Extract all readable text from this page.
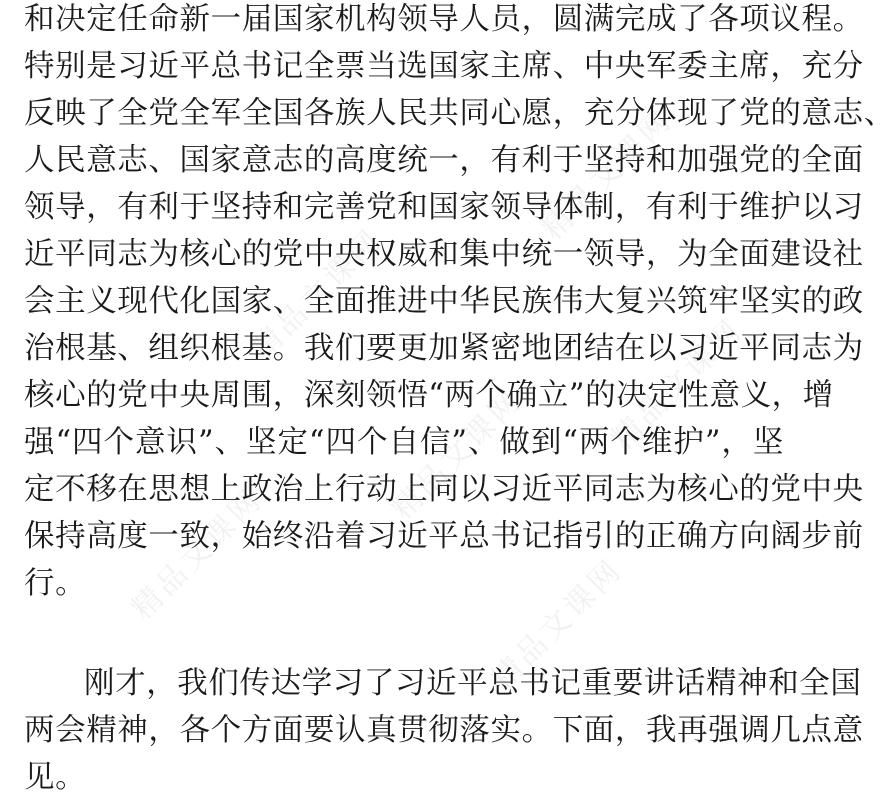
精品文课网
精品文课网
精品文课网
精品文课网
精品文课网
精品文课网
和决定任命新一届国家机构领导人员，圆满完成了各项议程。
特别是习近平总书记全票当选国家主席、中央军委主席，充分
反映了全党全军全国各族人民共同心愿，充分体现了党的意志、
人民意志、国家意志的高度统一，有利于坚持和加强党的全面
领导，有利于坚持和完善党和国家领导体制，有利于维护以习
近平同志为核心的党中央权威和集中统一领导，为全面建设社
会主义现代化国家、全面推进中华民族伟大复兴筑牢坚实的政
治根基、组织根基。我们要更加紧密地团结在以习近平同志为
核心的党中央周围，深刻领悟“两个确立”的决定性意义，增
强“四个意识”、坚定“四个自信”、做到“两个维护”，坚
定不移在思想上政治上行动上同以习近平同志为核心的党中央
保持高度一致，始终沿着习近平总书记指引的正确方向阔步前
行。
刚才，我们传达学习了习近平总书记重要讲话精神和全国
两会精神，各个方面要认真贯彻落实。下面，我再强调几点意
见。
